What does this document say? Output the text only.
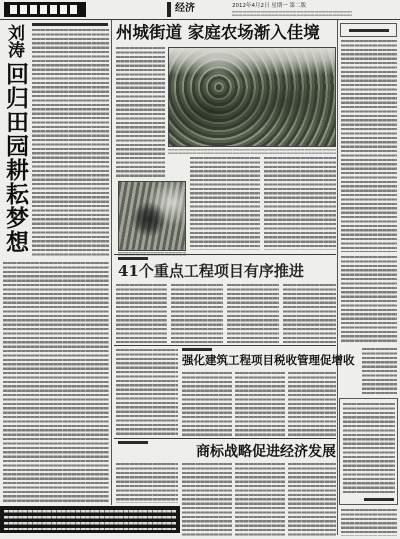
经济	2012年4月2日 星期一 第二版
刘涛
回归田园耕耘梦想
州城街道 家庭农场渐入佳境
41个重点工程项目有序推进
强化建筑工程项目税收管理促增收
商标战略促进经济发展
